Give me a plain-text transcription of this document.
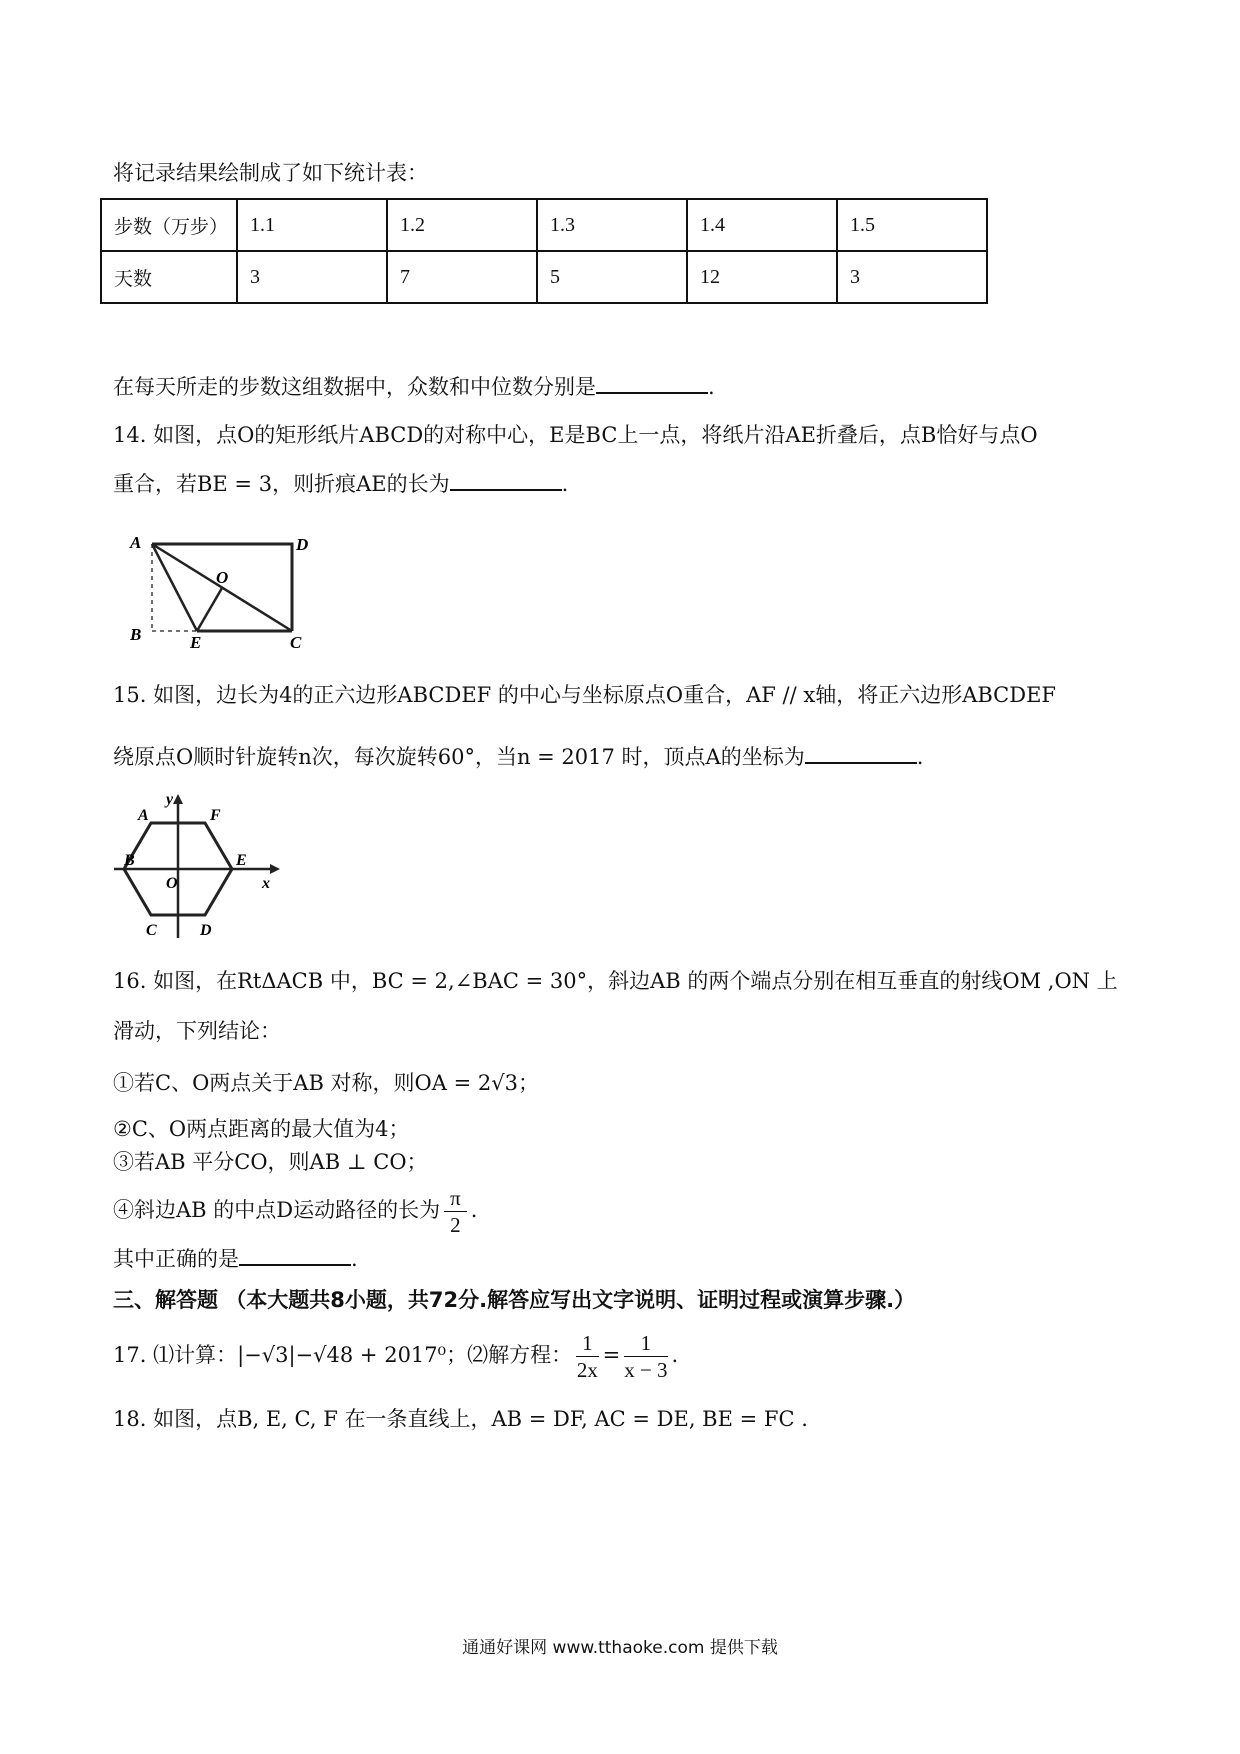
将记录结果绘制成了如下统计表：
步数（万步）	1.1	1.2	1.3	1.4	1.5
天数	3	7	5	12	3
在每天所走的步数这组数据中，众数和中位数分别是	.
14. 如图，点O的矩形纸片ABCD的对称中心，E是BC上一点，将纸片沿AE折叠后，点B恰好与点O
重合，若BE = 3，则折痕AE的长为	.
A	D
O
B	E	C
15. 如图，边长为4的正六边形ABCDEF 的中心与坐标原点O重合，AF // x轴，将正六边形ABCDEF
绕原点O顺时针旋转n次，每次旋转60°，当n = 2017 时，顶点A的坐标为	.
y
A	F
B	E
O	x
C	D
16. 如图，在RtΔACB 中，BC = 2,∠BAC = 30°，斜边AB 的两个端点分别在相互垂直的射线OM ,ON 上
滑动，下列结论：
①若C、O两点关于AB 对称，则OA = 2√3；
②C、O两点距离的最大值为4；
③若AB 平分CO，则AB ⊥ CO；
④斜边AB 的中点D运动路径的长为 $\frac{\pi}{2}$ .
其中正确的是	.
三、解答题 （本大题共8小题，共72分.解答应写出文字说明、证明过程或演算步骤.）
17. ⑴计算：|−√3|−√48 + 2017⁰；⑵解方程： $\frac{1}{2x} = \frac{1}{x - 3}$ .
18. 如图，点B, E, C, F 在一条直线上，AB = DF, AC = DE, BE = FC .
通通好课网 www.tthaoke.com 提供下载
